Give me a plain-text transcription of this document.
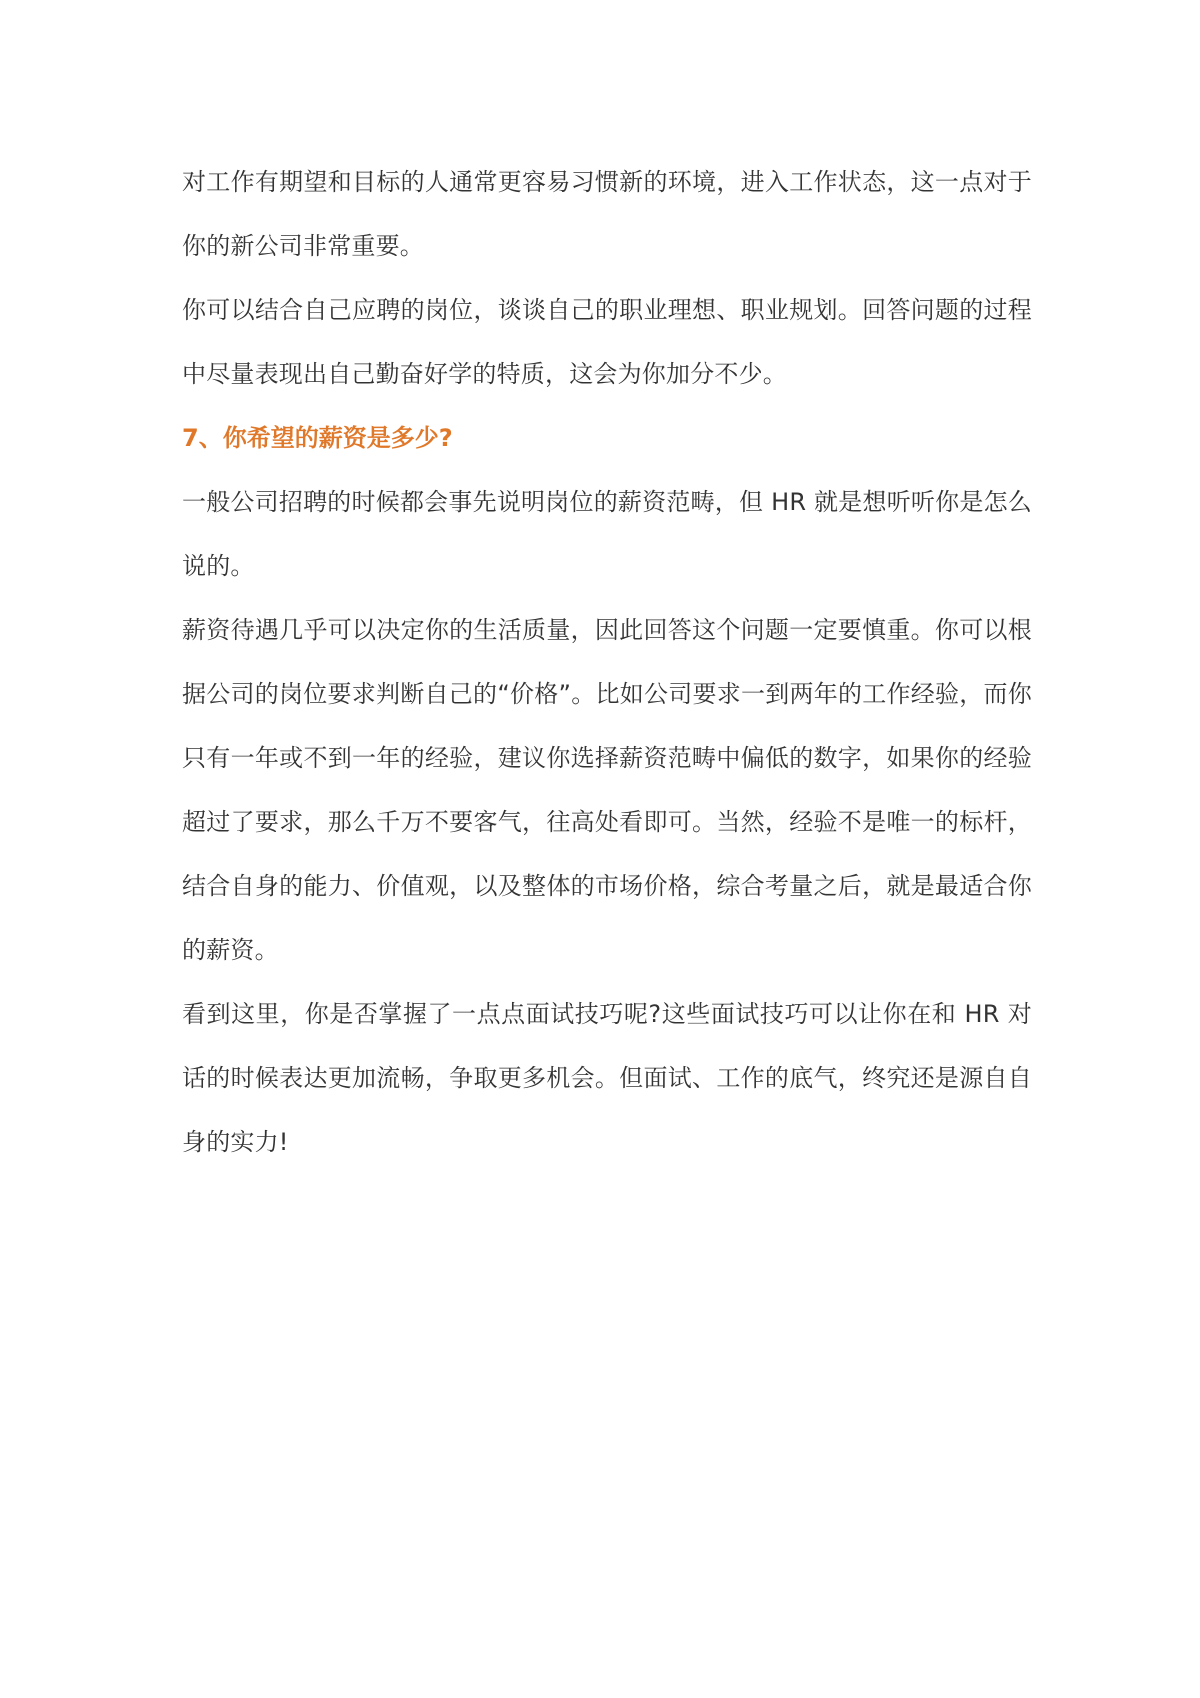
对工作有期望和目标的人通常更容易习惯新的环境，进入工作状态，这一点对于你的新公司非常重要。

你可以结合自己应聘的岗位，谈谈自己的职业理想、职业规划。回答问题的过程中尽量表现出自己勤奋好学的特质，这会为你加分不少。

7、你希望的薪资是多少?

一般公司招聘的时候都会事先说明岗位的薪资范畴，但 HR 就是想听听你是怎么说的。

薪资待遇几乎可以决定你的生活质量，因此回答这个问题一定要慎重。你可以根据公司的岗位要求判断自己的“价格”。比如公司要求一到两年的工作经验，而你只有一年或不到一年的经验，建议你选择薪资范畴中偏低的数字，如果你的经验超过了要求，那么千万不要客气，往高处看即可。当然，经验不是唯一的标杆，结合自身的能力、价值观，以及整体的市场价格，综合考量之后，就是最适合你的薪资。

看到这里，你是否掌握了一点点面试技巧呢?这些面试技巧可以让你在和 HR 对话的时候表达更加流畅，争取更多机会。但面试、工作的底气，终究还是源自自身的实力!
